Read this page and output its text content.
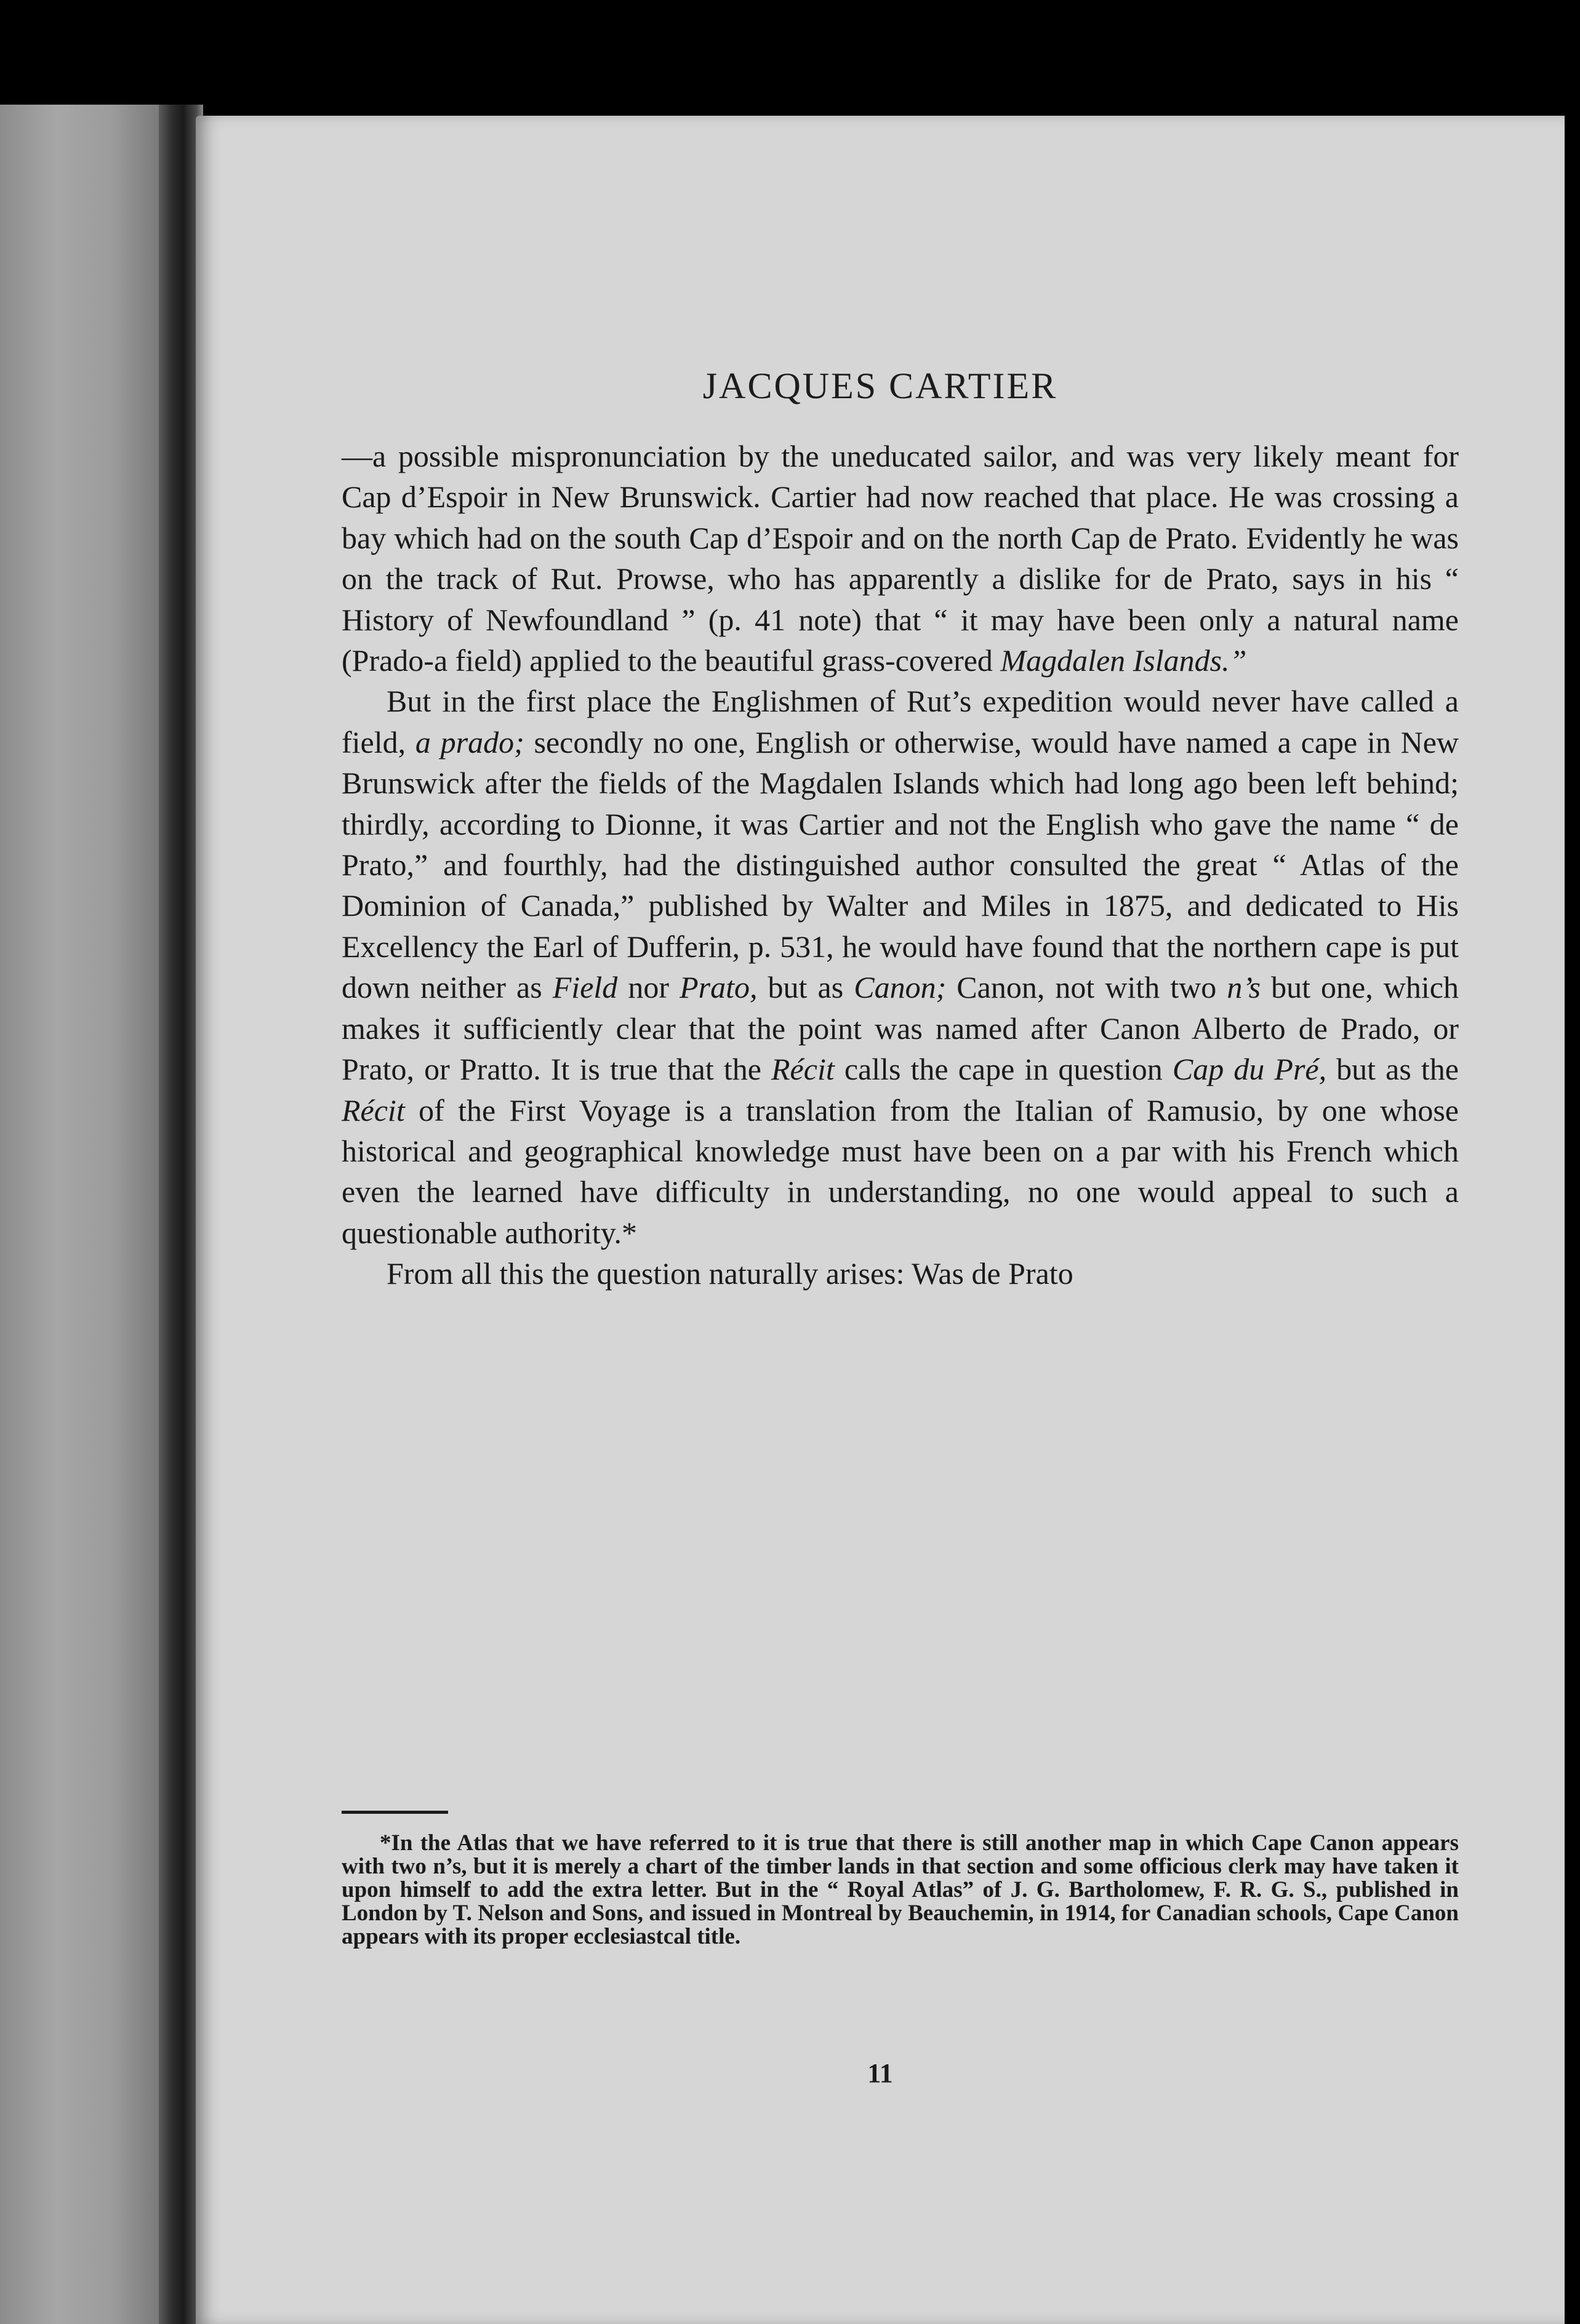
JACQUES CARTIER

—a possible mispronunciation by the uneducated sailor, and was very likely meant for Cap d’Espoir in New Brunswick. Cartier had now reached that place. He was crossing a bay which had on the south Cap d’Espoir and on the north Cap de Prato. Evidently he was on the track of Rut. Prowse, who has apparently a dislike for de Prato, says in his “ History of Newfoundland ” (p. 41 note) that “ it may have been only a natural name (Prado-a field) applied to the beautiful grass-covered Magdalen Islands.”

But in the first place the Englishmen of Rut’s expedition would never have called a field, a prado; secondly no one, English or otherwise, would have named a cape in New Brunswick after the fields of the Magdalen Islands which had long ago been left behind; thirdly, according to Dionne, it was Cartier and not the English who gave the name “ de Prato,” and fourthly, had the distinguished author consulted the great “ Atlas of the Dominion of Canada,” published by Walter and Miles in 1875, and dedicated to His Excellency the Earl of Dufferin, p. 531, he would have found that the northern cape is put down neither as Field nor Prato, but as Canon; Canon, not with two n’s but one, which makes it sufficiently clear that the point was named after Canon Alberto de Prado, or Prato, or Pratto. It is true that the Récit calls the cape in question Cap du Pré, but as the Récit of the First Voyage is a translation from the Italian of Ramusio, by one whose historical and geographical knowledge must have been on a par with his French which even the learned have difficulty in understanding, no one would appeal to such a questionable authority.*

From all this the question naturally arises: Was de Prato

*In the Atlas that we have referred to it is true that there is still another map in which Cape Canon appears with two n’s, but it is merely a chart of the timber lands in that section and some officious clerk may have taken it upon himself to add the extra letter. But in the “ Royal Atlas” of J. G. Bartholomew, F. R. G. S., published in London by T. Nelson and Sons, and issued in Montreal by Beauchemin, in 1914, for Canadian schools, Cape Canon appears with its proper ecclesiastcal title.
11
